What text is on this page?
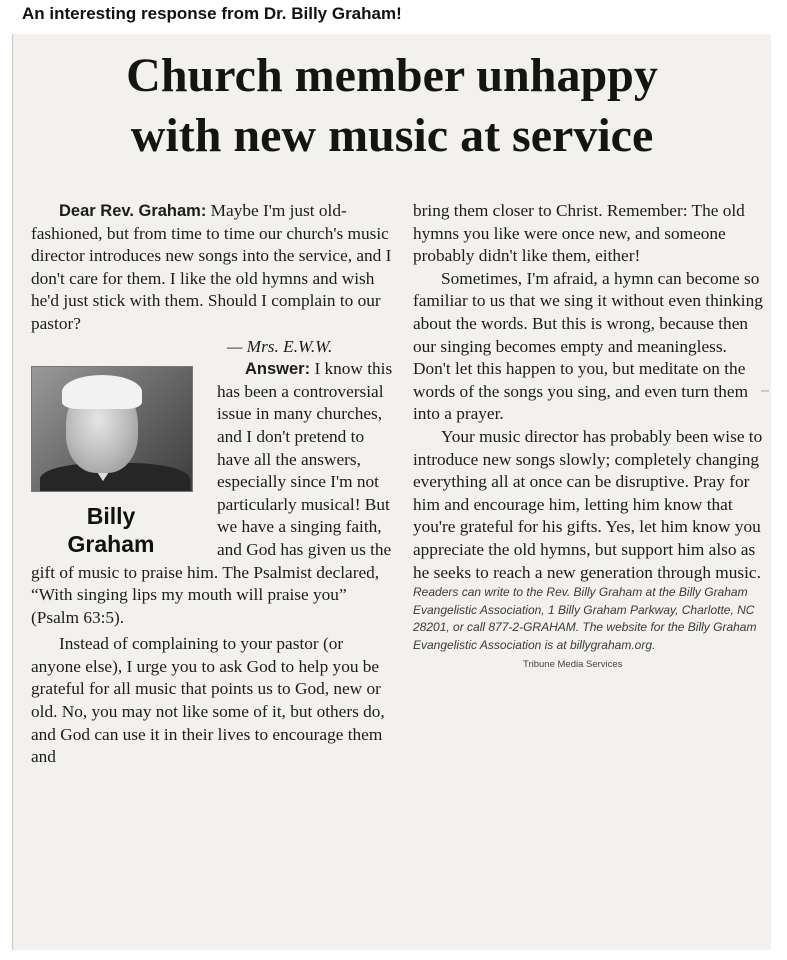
An interesting response from Dr. Billy Graham!
Church member unhappy
with new music at service

Dear Rev. Graham: Maybe I'm just old-fashioned, but from time to time our church's music director introduces new songs into the service, and I don't care for them. I like the old hymns and wish he'd just stick with them. Should I complain to our pastor?

— Mrs. E.W.W.

Billy
Graham

Answer: I know this has been a controversial issue in many churches, and I don't pretend to have all the answers, especially since I'm not particularly musical! But we have a singing faith, and God has given us the gift of music to praise him. The Psalmist declared, “With singing lips my mouth will praise you” (Psalm 63:5).

Instead of complaining to your pastor (or anyone else), I urge you to ask God to help you be grateful for all music that points us to God, new or old. No, you may not like some of it, but others do, and God can use it in their lives to encourage them and

bring them closer to Christ. Remember: The old hymns you like were once new, and someone probably didn't like them, either!

Sometimes, I'm afraid, a hymn can become so familiar to us that we sing it without even thinking about the words. But this is wrong, because then our singing becomes empty and meaningless. Don't let this happen to you, but meditate on the words of the songs you sing, and even turn them into a prayer.

Your music director has probably been wise to introduce new songs slowly; completely changing everything all at once can be disruptive. Pray for him and encourage him, letting him know that you're grateful for his gifts. Yes, let him know you appreciate the old hymns, but support him also as he seeks to reach a new generation through music.

Readers can write to the Rev. Billy Graham at the Billy Graham Evangelistic Association, 1 Billy Graham Parkway, Charlotte, NC 28201, or call 877-2-GRAHAM. The website for the Billy Graham Evangelistic Association is at billygraham.org.

Tribune Media Services
